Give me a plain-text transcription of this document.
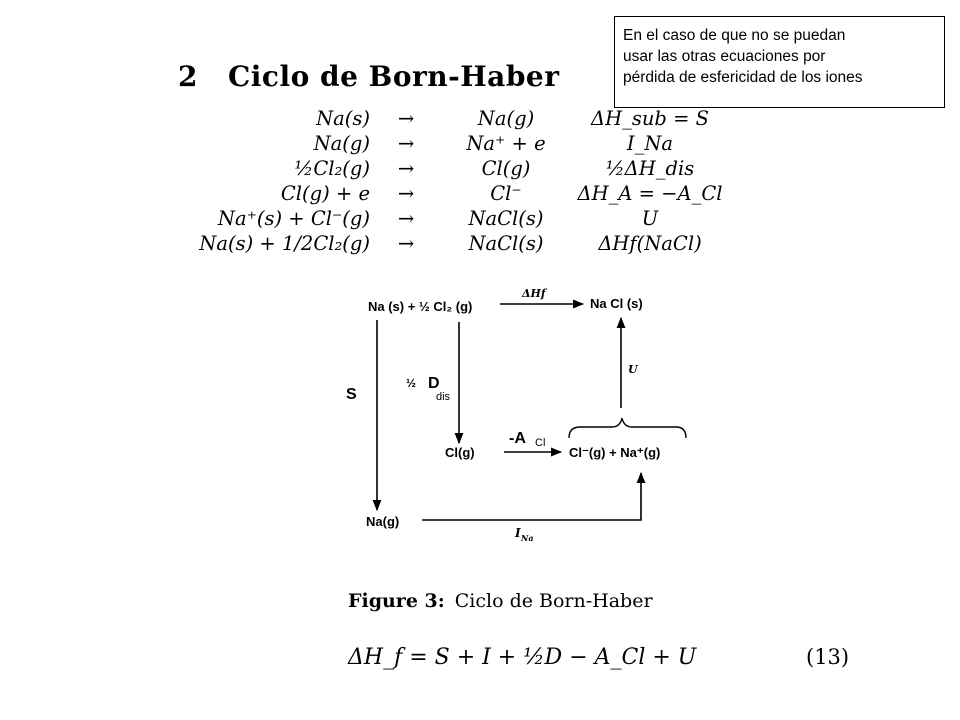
En el caso de que no se puedan
usar las otras ecuaciones por
pérdida de esfericidad de los iones
2 Ciclo de Born-Haber
Na(s)	→	Na(g)	ΔH_sub = S
Na(g)	→	Na⁺ + e	I_Na
½Cl₂(g)	→	Cl(g)	½ΔH_dis
Cl(g) + e	→	Cl⁻	ΔH_A = −A_Cl
Na⁺(s) + Cl⁻(g)	→	NaCl(s)	U
Na(s) + 1/2Cl₂(g)	→	NaCl(s)	ΔHf(NaCl)
Na (s) + ½ Cl₂ (g)	Na Cl (s)
Cl(g)	Cl⁻(g) + Na⁺(g)
Na(g)
ΔHf
S
½ D
dis
U
-A Cl
I Na
Figure 3: Ciclo de Born-Haber
ΔH_f = S + I + ½D − A_Cl + U	(13)
